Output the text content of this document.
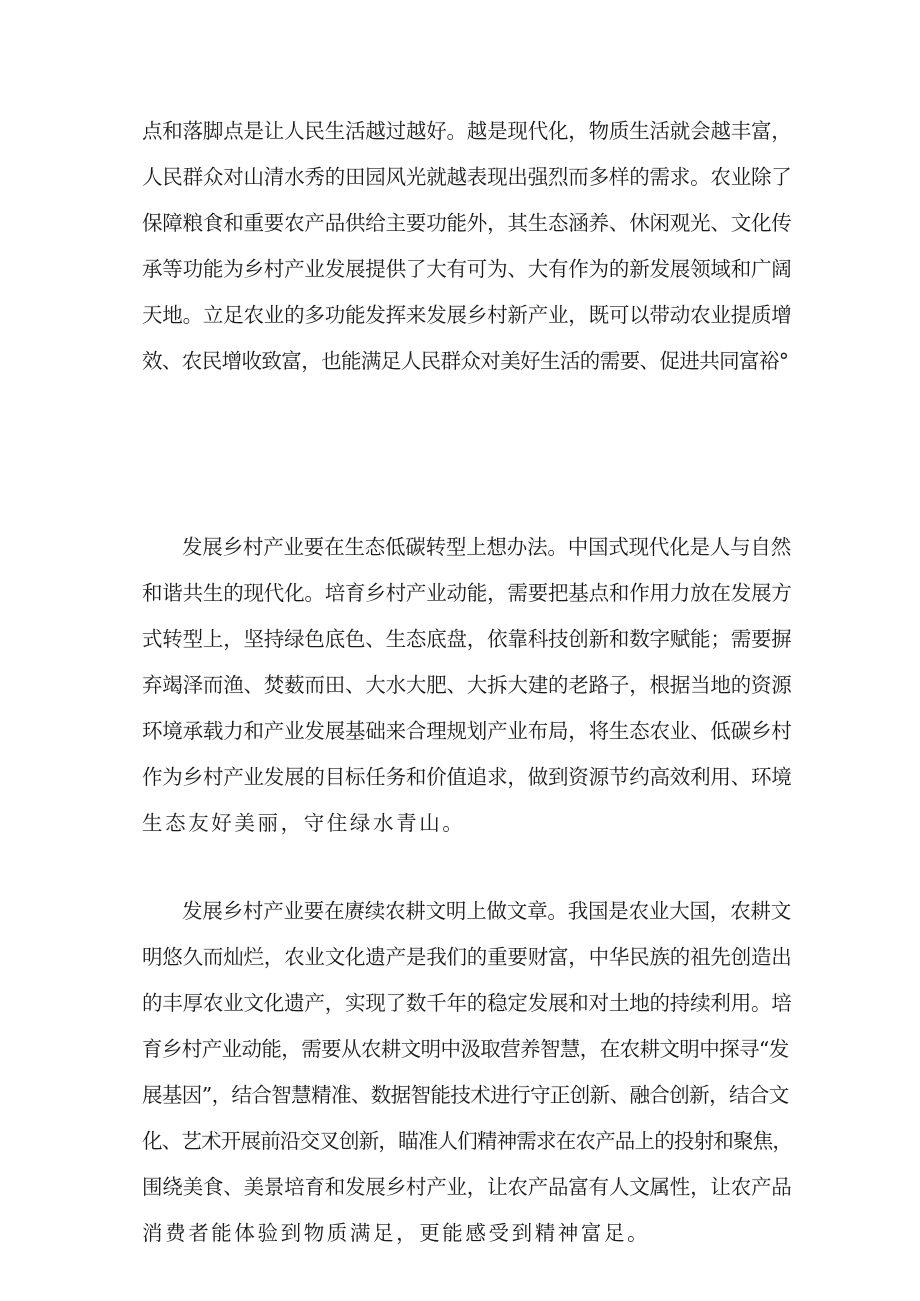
点和落脚点是让人民生活越过越好。越是现代化，物质生活就会越丰富，
人民群众对山清水秀的田园风光就越表现出强烈而多样的需求。农业除了
保障粮食和重要农产品供给主要功能外，其生态涵养、休闲观光、文化传
承等功能为乡村产业发展提供了大有可为、大有作为的新发展领域和广阔
天地。立足农业的多功能发挥来发展乡村新产业，既可以带动农业提质增
效、农民增收致富，也能满足人民群众对美好生活的需要、促进共同富裕°
发展乡村产业要在生态低碳转型上想办法。中国式现代化是人与自然
和谐共生的现代化。培育乡村产业动能，需要把基点和作用力放在发展方
式转型上，坚持绿色底色、生态底盘，依靠科技创新和数字赋能；需要摒
弃竭泽而渔、焚薮而田、大水大肥、大拆大建的老路子，根据当地的资源
环境承载力和产业发展基础来合理规划产业布局，将生态农业、低碳乡村
作为乡村产业发展的目标任务和价值追求，做到资源节约高效利用、环境
生态友好美丽，守住绿水青山。
发展乡村产业要在赓续农耕文明上做文章。我国是农业大国，农耕文
明悠久而灿烂，农业文化遗产是我们的重要财富，中华民族的祖先创造出
的丰厚农业文化遗产，实现了数千年的稳定发展和对土地的持续利用。培
育乡村产业动能，需要从农耕文明中汲取营养智慧，在农耕文明中探寻“发
展基因”，结合智慧精准、数据智能技术进行守正创新、融合创新，结合文
化、艺术开展前沿交叉创新，瞄准人们精神需求在农产品上的投射和聚焦，
围绕美食、美景培育和发展乡村产业，让农产品富有人文属性，让农产品
消费者能体验到物质满足，更能感受到精神富足。
